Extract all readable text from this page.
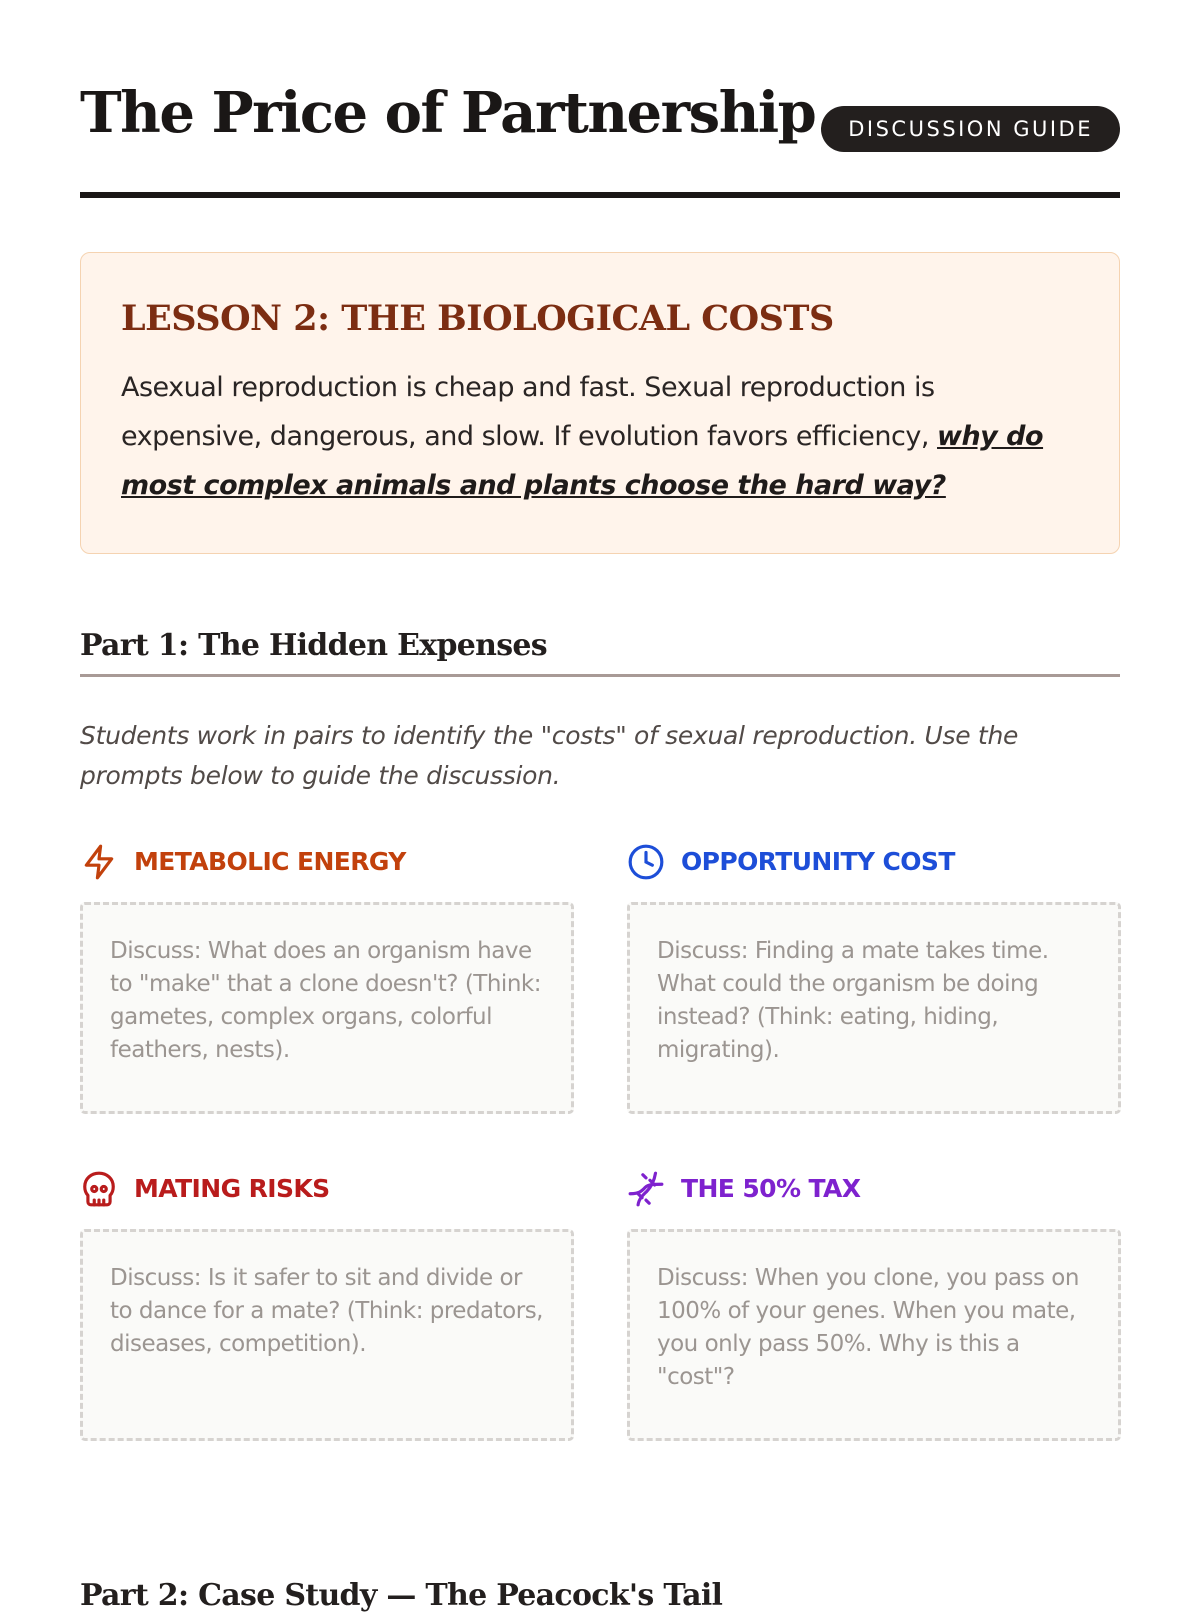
The Price of Partnership	DISCUSSION GUIDE
LESSON 2: THE BIOLOGICAL COSTS

Asexual reproduction is cheap and fast. Sexual reproduction is expensive, dangerous, and slow. If evolution favors efficiency, why do most complex animals and plants choose the hard way?

Part 1: The Hidden Expenses

Students work in pairs to identify the "costs" of sexual reproduction. Use the prompts below to guide the discussion.

METABOLIC ENERGY

Discuss: What does an organism have to "make" that a clone doesn't? (Think: gametes, complex organs, colorful feathers, nests).

OPPORTUNITY COST

Discuss: Finding a mate takes time. What could the organism be doing instead? (Think: eating, hiding, migrating).

MATING RISKS

Discuss: Is it safer to sit and divide or to dance for a mate? (Think: predators, diseases, competition).

THE 50% TAX

Discuss: When you clone, you pass on 100% of your genes. When you mate, you only pass 50%. Why is this a "cost"?

Part 2: Case Study — The Peacock's Tail
